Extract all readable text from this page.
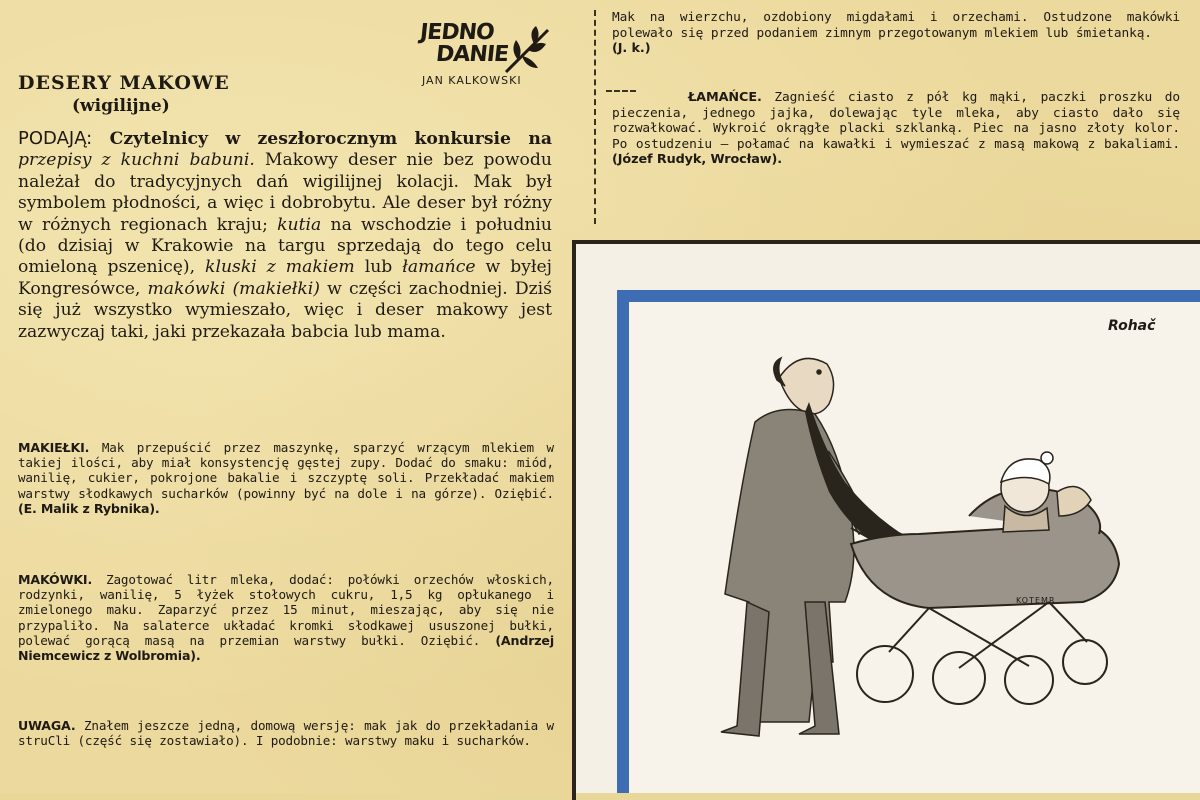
JEDNO
DANIE
JAN KALKOWSKI
DESERY MAKOWE
(wigilijne)

PODAJĄ: Czytelnicy w zeszłorocznym konkursie na przepisy z kuchni babuni. Makowy deser nie bez powodu należał do tradycyjnych dań wigilijnej kolacji. Mak był symbolem płodności, a więc i dobrobytu. Ale deser był różny w różnych regionach kraju; kutia na wschodzie i południu (do dzisiaj w Krakowie na targu sprzedają do tego celu omieloną pszenicę), kluski z makiem lub łamańce w byłej Kongresówce, makówki (makiełki) w części zachodniej. Dziś się już wszystko wymieszało, więc i deser makowy jest zazwyczaj taki, jaki przekazała babcia lub mama.

MAKIEŁKI. Mak przepuścić przez maszynkę, sparzyć wrzącym mlekiem w takiej ilości, aby miał konsystencję gęstej zupy. Dodać do smaku: miód, wanilię, cukier, pokrojone bakalie i szczyptę soli. Przekładać makiem warstwy słodkawych sucharków (powinny być na dole i na górze). Oziębić. (E. Malik z Rybnika).

MAKÓWKI. Zagotować litr mleka, dodać: połówki orzechów włoskich, rodzynki, wanilię, 5 łyżek stołowych cukru, 1,5 kg opłukanego i zmielonego maku. Zaparzyć przez 15 minut, mieszając, aby się nie przypaliło. Na salaterce układać kromki słodkawej ususzonej bułki, polewać gorącą masą na przemian warstwy bułki. Oziębić. (Andrzej Niemcewicz z Wolbromia).

UWAGA. Znałem jeszcze jedną, domową wersję: mak jak do przekładania w struCli (część się zostawiało). I podobnie: warstwy maku i sucharków.

Mak na wierzchu, ozdobiony migdałami i orzechami. Ostudzone makówki polewało się przed podaniem zimnym przegotowanym mlekiem lub śmietanką.
(J. k.)

ŁAMAŃCE. Zagnieść ciasto z pół kg mąki, paczki proszku do pieczenia, jednego jajka, dolewając tyle mleka, aby ciasto dało się rozwałkować. Wykroić okrągłe placki szklanką. Piec na jasno złoty kolor. Po ostudzeniu — połamać na kawałki i wymieszać z masą makową z bakaliami. (Józef Rudyk, Wrocław).

Rohač
KOTEMR
